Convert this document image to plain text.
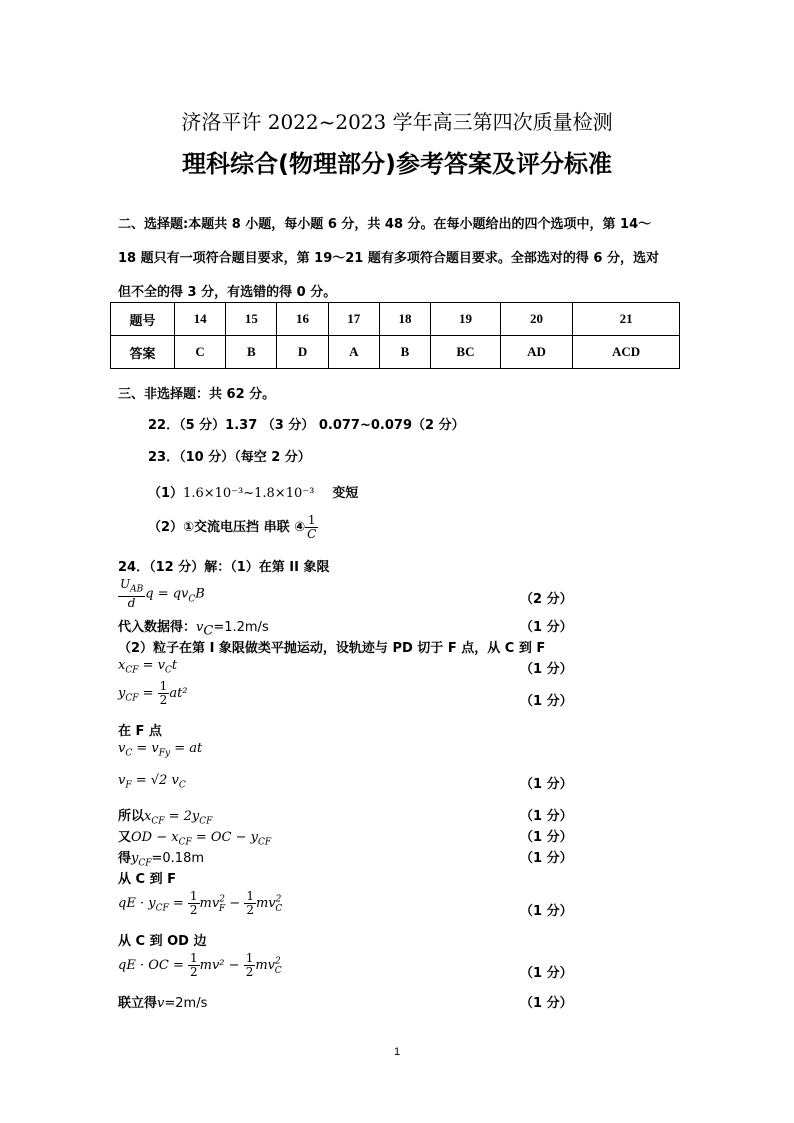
济洛平许 2022~2023 学年高三第四次质量检测
理科综合(物理部分)参考答案及评分标准
二、选择题:本题共 8 小题，每小题 6 分，共 48 分。在每小题给出的四个选项中，第 14～
18 题只有一项符合题目要求，第 19～21 题有多项符合题目要求。全部选对的得 6 分，选对
但不全的得 3 分，有选错的得 0 分。
题号	14	15	16	17	18	19	20	21
答案	C	B	D	A	B	BC	AD	ACD
三、非选择题：共 62 分。
22．（5 分）1.37 （3 分） 0.077~0.079（2 分）
23．（10 分）（每空 2 分）
（1）1.6×10⁻³~1.8×10⁻³ 变短
（2）①交流电压挡 串联 ④ $\frac{1}{C}$
24．（12 分）解：（1）在第 II 象限
$\frac{U_{AB}}{d}$ $q = qv_CB$	（2 分）
代入数据得：$v_C=1.2m/s$	（1 分）
（2）粒子在第 I 象限做类平抛运动，设轨迹与 PD 切于 F 点，从 C 到 F
$x_{CF} = v_Ct$	（1 分）
$y_{CF} = \frac{1}{2} at^2$
（1 分）
在 F 点
$v_C = v_{Fy}$ = at
$v_F = √2$ $v_C$	（1 分）
所以$x_{CF} = 2y_{CF}$	（1 分）
又OD − $x_{CF}$ = OC − $y_{CF}$	（1 分）
得$y_{CF}=0.18m$	（1 分）
从 C 到 F
qE · $y_{CF} = \frac{1}{2} mv^2_F - \frac{1}{2} mv^2_C$	（1 分）
从 C 到 OD 边
qE · OC = $\frac{1}{2} mv^2 - \frac{1}{2} mv^2_C$	（1 分）
联立得v=2m/s	（1 分）
1
